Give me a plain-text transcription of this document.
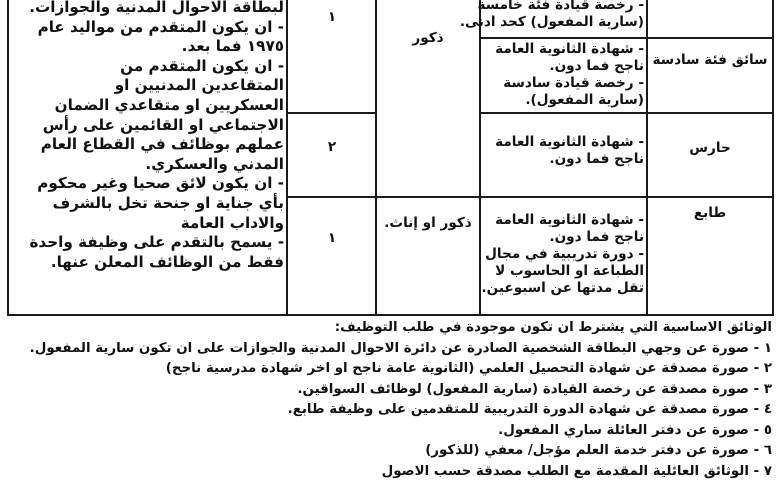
- رخصة قيادة فئة خامسة
(سارية المفعول) كحد ادنى.
ذكور
١
سائق فئة سادسة
- شهادة الثانوية العامة
ناجح فما دون.
- رخصة قيادة سادسة
(سارية المفعول).
حارس
- شهادة الثانوية العامة
ناجح فما دون.
٢
طابع
- شهادة الثانوية العامة
ناجح فما دون.
- دورة تدريبية في مجال
الطباعة او الحاسوب لا
تقل مدتها عن اسبوعين.
ذكور او إناث.
١
لبطاقة الاحوال المدنية والجوازات.
- ان يكون المتقدم من مواليد عام
١٩٧٥ فما بعد.
- ان يكون المتقدم من
المتقاعدين المدنيين او
العسكريين او متقاعدي الضمان
الاجتماعي او القائمين على رأس
عملهم بوظائف في القطاع العام
المدني والعسكري.
- ان يكون لائق صحيا وغير محكوم
بأي جناية او جنحة تخل بالشرف
والاداب العامة
- يسمح بالتقدم على وظيفة واحدة
فقط من الوظائف المعلن عنها.
الوثائق الاساسية التي يشترط ان تكون موجودة في طلب التوظيف:
١ - صورة عن وجهي البطاقة الشخصية الصادرة عن دائرة الاحوال المدنية والجوازات على ان تكون سارية المفعول.
٢ - صورة مصدقة عن شهادة التحصيل العلمي (الثانوية عامة ناجح او اخر شهادة مدرسية ناجح)
٣ - صورة مصدقة عن رخصة القيادة (سارية المفعول) لوظائف السواقين.
٤ - صورة مصدقة عن شهادة الدورة التدريبية للمتقدمين على وظيفة طابع.
٥ - صورة عن دفتر العائلة ساري المفعول.
٦ - صورة عن دفتر خدمة العلم مؤجل/ معفي (للذكور)
٧ - الوثائق العائلية المقدمة مع الطلب مصدقة حسب الاصول
